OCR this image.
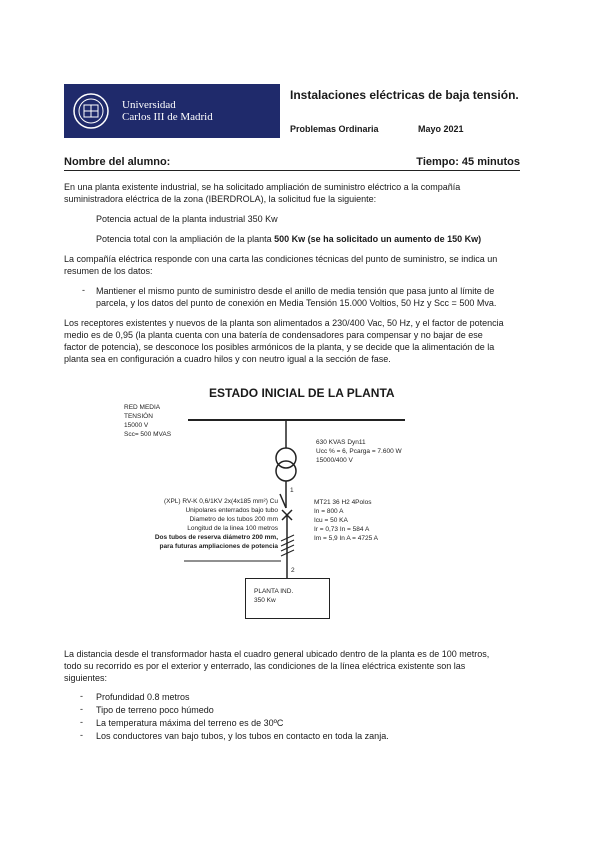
Universidad
Carlos III de Madrid
Instalaciones eléctricas de baja tensión.
Problemas Ordinaria	Mayo 2021
Nombre del alumno:	Tiempo: 45 minutos
En una planta existente industrial, se ha solicitado ampliación de suministro eléctrico a la compañía
suministradora eléctrica de la zona (IBERDROLA), la solicitud fue la siguiente:
Potencia actual de la planta industrial 350 Kw
Potencia total con la ampliación de la planta 500 Kw (se ha solicitado un aumento de 150 Kw)
La compañía eléctrica responde con una carta las condiciones técnicas del punto de suministro, se indica un
resumen de los datos:
- Mantiener el mismo punto de suministro desde el anillo de media tensión que pasa junto al límite de
parcela, y los datos del punto de conexión en Media Tensión 15.000 Voltios, 50 Hz y Scc = 500 Mva.
Los receptores existentes y nuevos de la planta son alimentados a 230/400 Vac, 50 Hz, y el factor de potencia
medio es de 0,95 (la planta cuenta con una batería de condensadores para compensar y no bajar de ese
factor de potencia), se desconoce los posibles armónicos de la planta, y se decide que la alimentación de la
planta sea en configuración a cuadro hilos y con neutro igual a la sección de fase.
ESTADO INICIAL DE LA PLANTA
RED MEDIA
TENSIÓN
15000 V
Scc= 500 MVAS
630 KVAS Dyn11
Ucc % = 6, Pcarga = 7.600 W
15000/400 V
1
2
MT21 36 H2 4Polos
In = 800 A
Icu = 50 KA
Ir = 0,73 In = 584 A
Im = 5,9 In A = 4725 A
(XPL) RV-K 0,6/1KV 2x(4x185 mm²) Cu
Unipolares enterrados bajo tubo
Diametro de los tubos 200 mm
Longitud de la linea 100 metros
Dos tubos de reserva diámetro 200 mm,
para futuras ampliaciones de potencia
PLANTA IND.
350 Kw
La distancia desde el transformador hasta el cuadro general ubicado dentro de la planta es de 100 metros,
todo su recorrido es por el exterior y enterrado, las condiciones de la línea eléctrica existente son las
siguientes:
- Profundidad 0.8 metros
- Tipo de terreno poco húmedo
- La temperatura máxima del terreno es de 30ºC
- Los conductores van bajo tubos, y los tubos en contacto en toda la zanja.
